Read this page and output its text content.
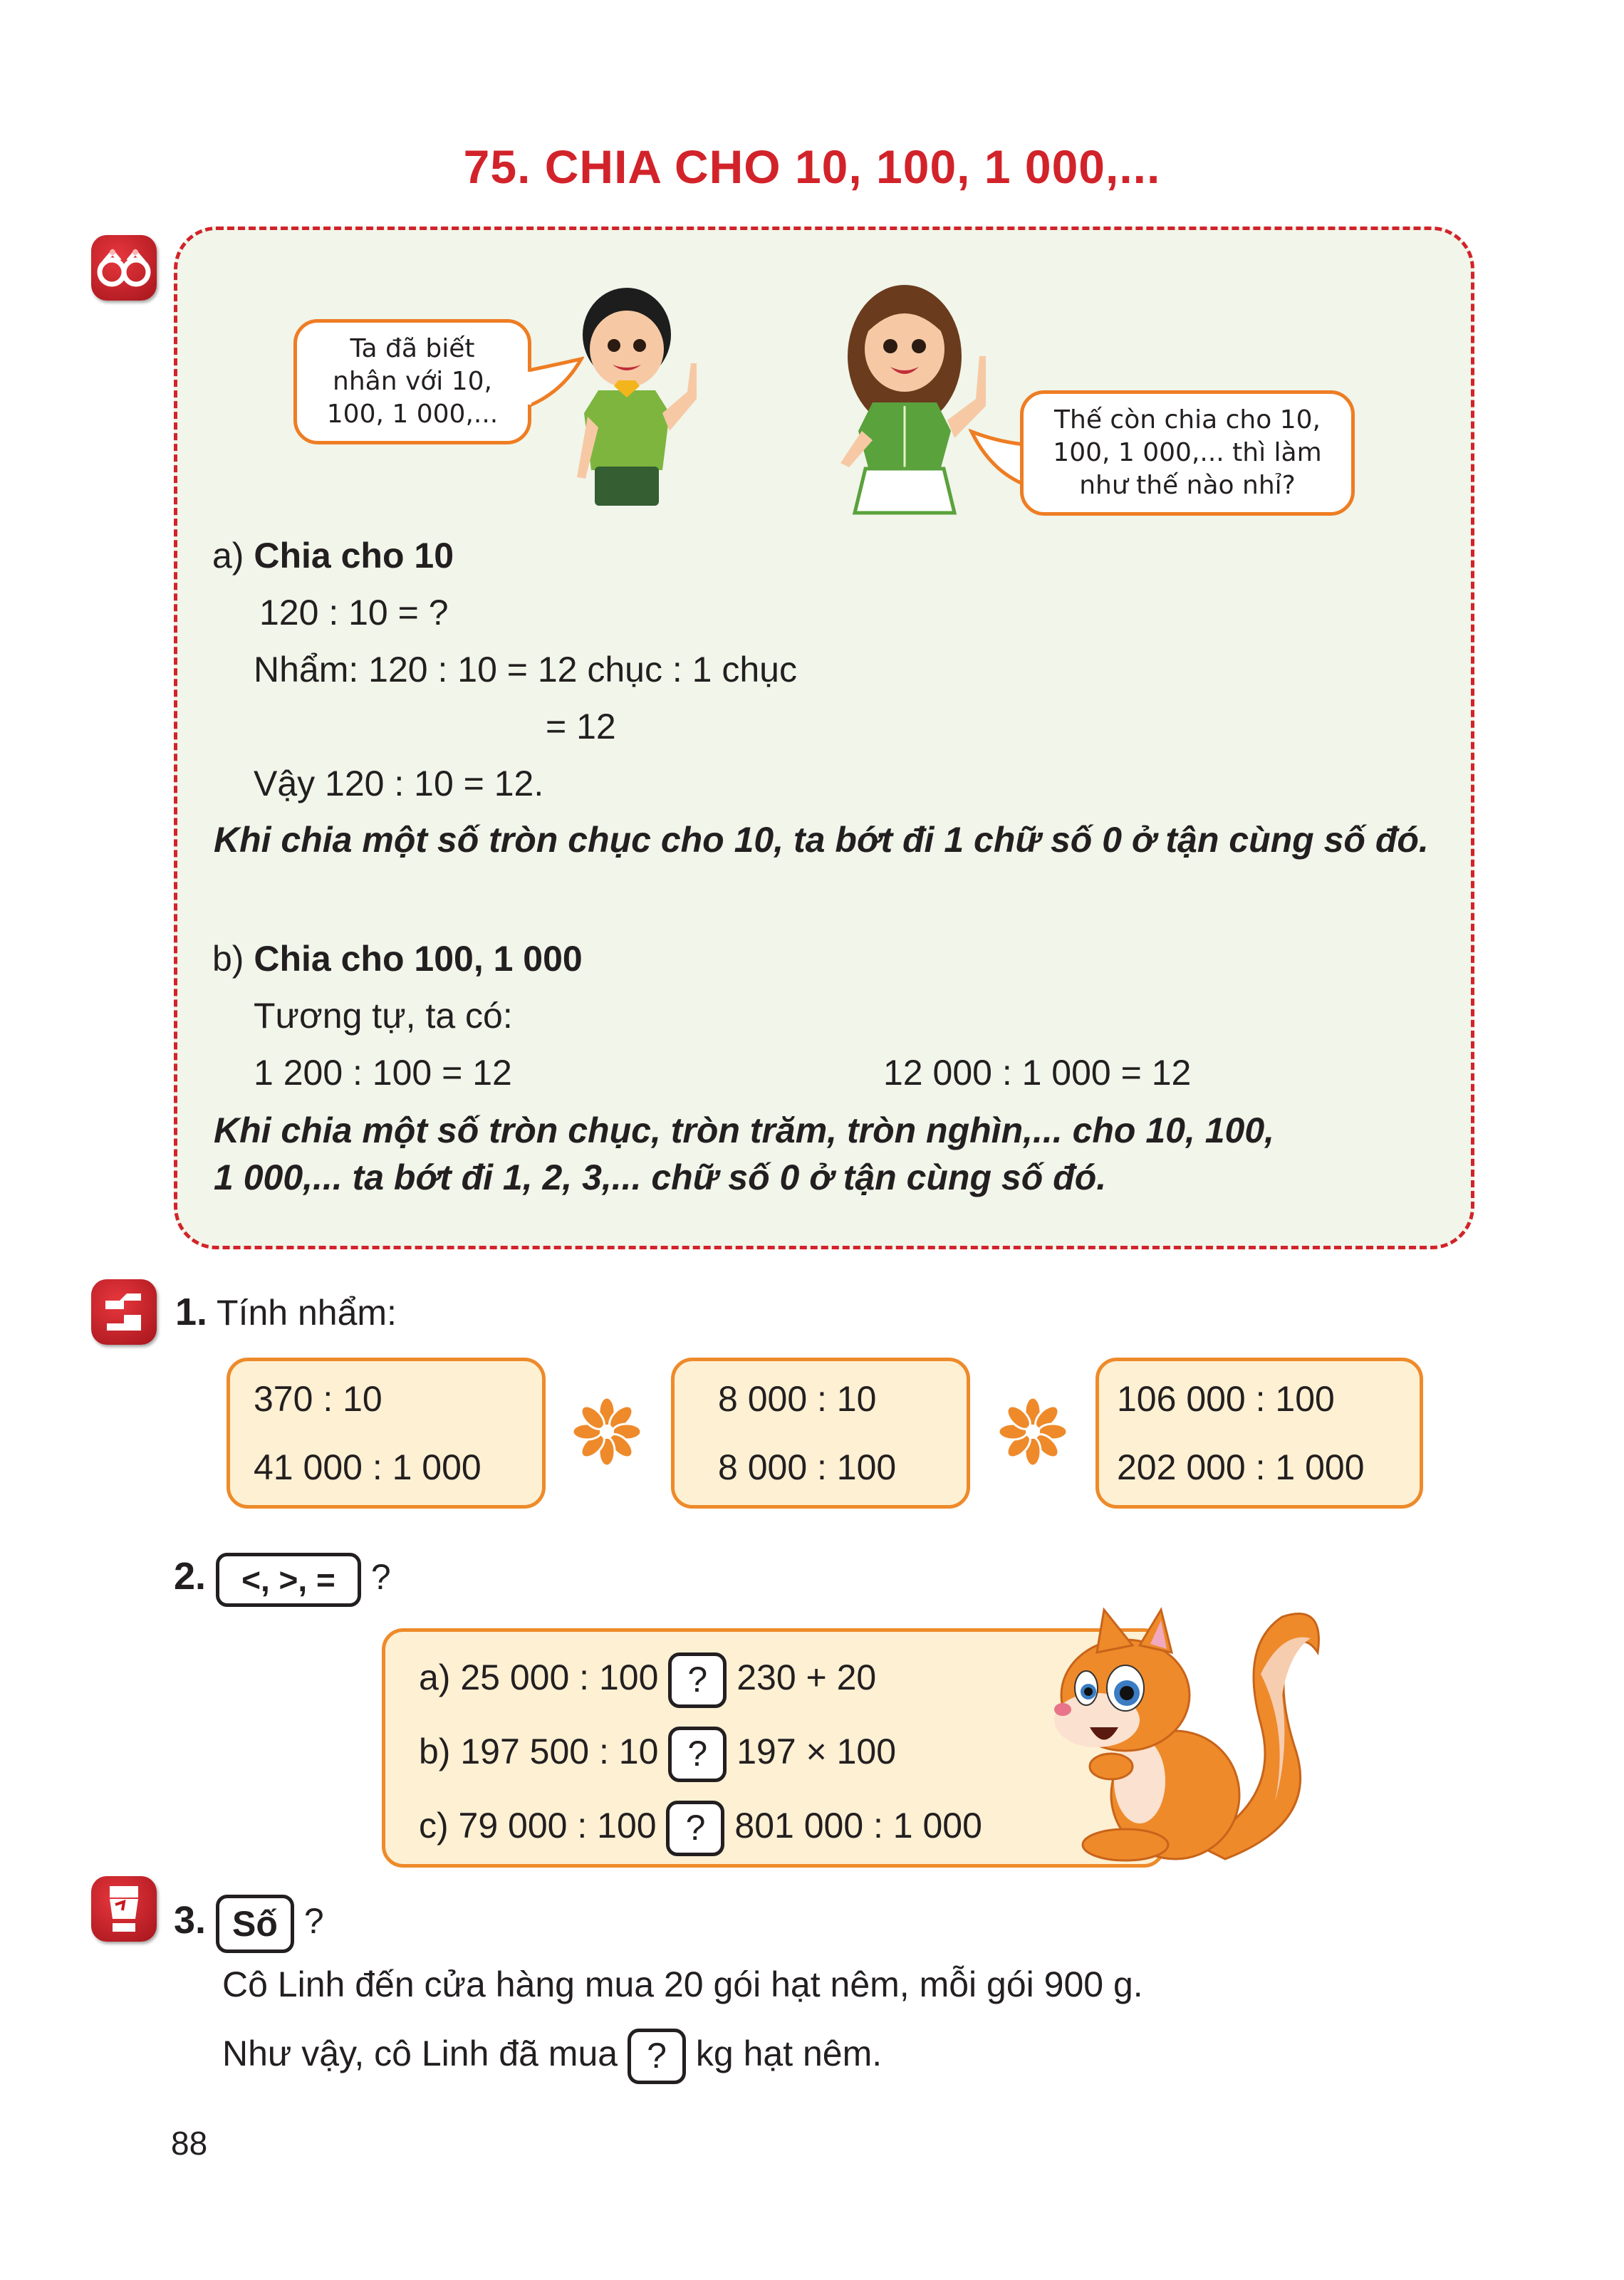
75. CHIA CHO 10, 100, 1 000,...
Ta đã biết
nhân với 10,
100, 1 000,...	Thế còn chia cho 10,
100, 1 000,... thì làm
như thế nào nhỉ?
a) Chia cho 10
120 : 10 = ?
Nhẩm: 120 : 10 = 12 chục : 1 chục
= 12
Vậy 120 : 10 = 12.
Khi chia một số tròn chục cho 10, ta bớt đi 1 chữ số 0 ở tận cùng số đó.
b) Chia cho 100, 1 000
Tương tự, ta có:
1 200 : 100 = 12	12 000 : 1 000 = 12
Khi chia một số tròn chục, tròn trăm, tròn nghìn,... cho 10, 100,
1 000,... ta bớt đi 1, 2, 3,... chữ số 0 ở tận cùng số đó.
1. Tính nhẩm:
370 : 10
41 000 : 1 000
8 000 : 10
8 000 : 100
106 000 : 100
202 000 : 1 000
2. <, >, = ?
a) 25 000 : 100 ? 230 + 20
b) 197 500 : 10 ? 197 × 100
c) 79 000 : 100 ? 801 000 : 1 000
3. Số ?
Cô Linh đến cửa hàng mua 20 gói hạt nêm, mỗi gói 900 g.
Như vậy, cô Linh đã mua ? kg hạt nêm.
88
